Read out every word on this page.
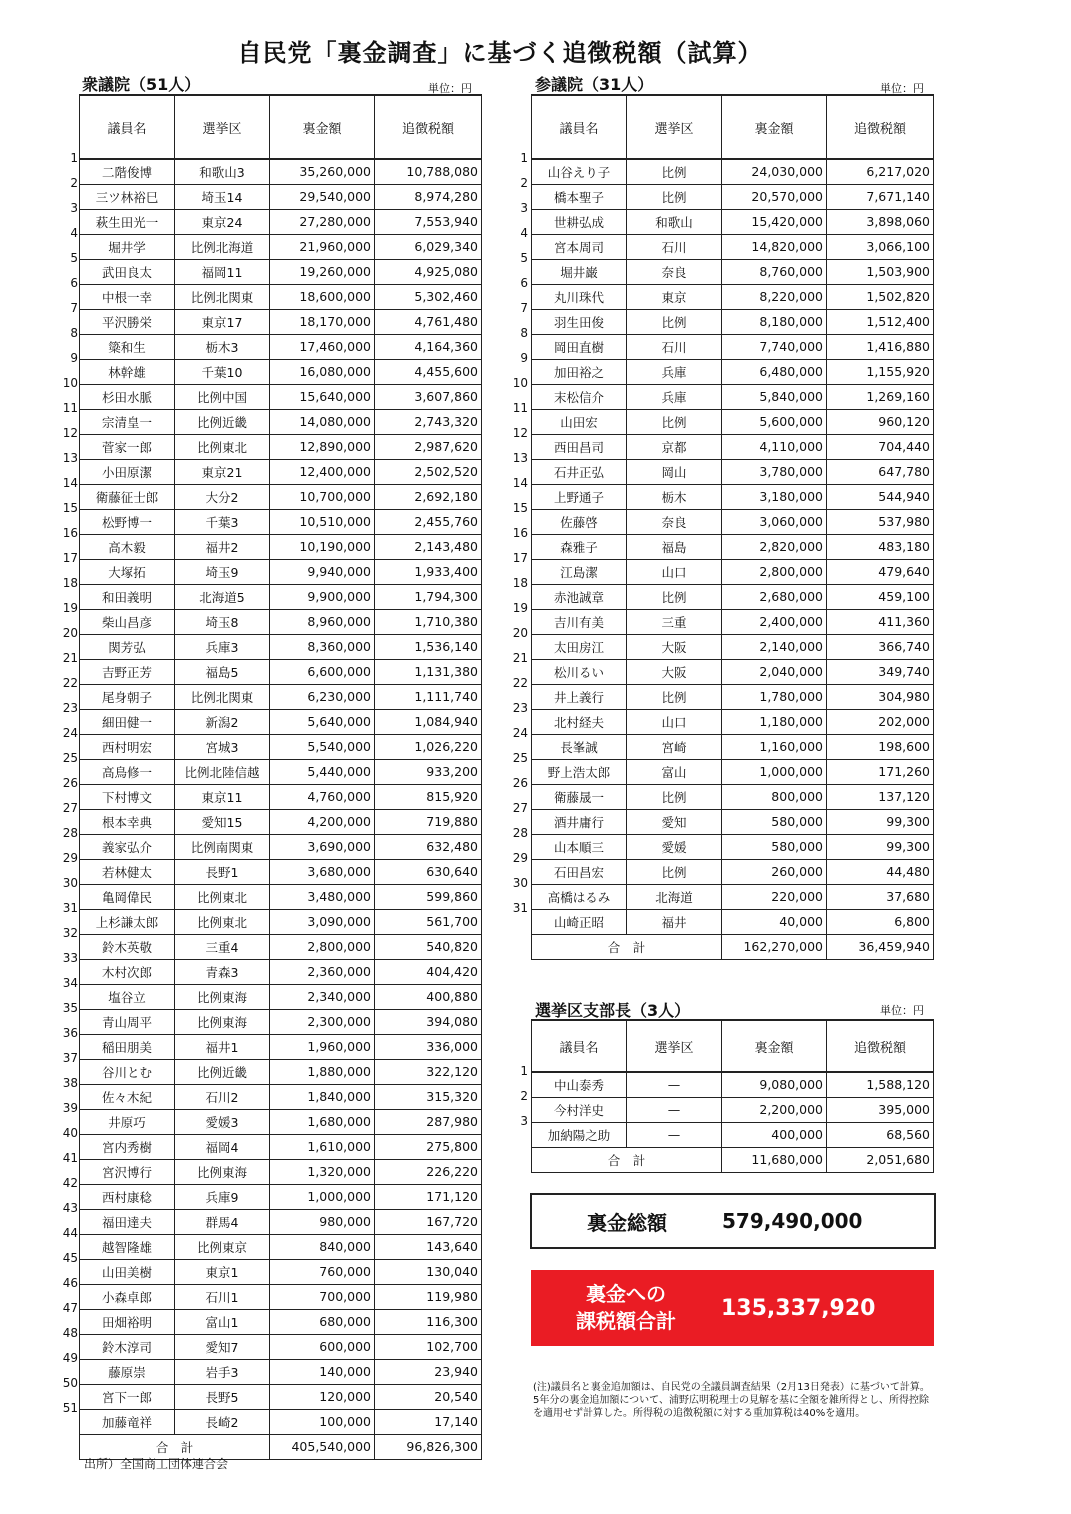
自民党「裏金調査」に基づく追徴税額（試算）
衆議院（51人）	単位：円
1
2
3
4
5
6
7
8
9
10
11
12
13
14
15
16
17
18
19
20
21
22
23
24
25
26
27
28
29
30
31
32
33
34
35
36
37
38
39
40
41
42
43
44
45
46
47
48
49
50
51
議員名	選挙区	裏金額	追徴税額
二階俊博	和歌山3	35,260,000	10,788,080
三ツ林裕巳	埼玉14	29,540,000	8,974,280
萩生田光一	東京24	27,280,000	7,553,940
堀井学	比例北海道	21,960,000	6,029,340
武田良太	福岡11	19,260,000	4,925,080
中根一幸	比例北関東	18,600,000	5,302,460
平沢勝栄	東京17	18,170,000	4,761,480
簗和生	栃木3	17,460,000	4,164,360
林幹雄	千葉10	16,080,000	4,455,600
杉田水脈	比例中国	15,640,000	3,607,860
宗清皇一	比例近畿	14,080,000	2,743,320
菅家一郎	比例東北	12,890,000	2,987,620
小田原潔	東京21	12,400,000	2,502,520
衛藤征士郎	大分2	10,700,000	2,692,180
松野博一	千葉3	10,510,000	2,455,760
高木毅	福井2	10,190,000	2,143,480
大塚拓	埼玉9	9,940,000	1,933,400
和田義明	北海道5	9,900,000	1,794,300
柴山昌彦	埼玉8	8,960,000	1,710,380
関芳弘	兵庫3	8,360,000	1,536,140
吉野正芳	福島5	6,600,000	1,131,380
尾身朝子	比例北関東	6,230,000	1,111,740
細田健一	新潟2	5,640,000	1,084,940
西村明宏	宮城3	5,540,000	1,026,220
高鳥修一	比例北陸信越	5,440,000	933,200
下村博文	東京11	4,760,000	815,920
根本幸典	愛知15	4,200,000	719,880
義家弘介	比例南関東	3,690,000	632,480
若林健太	長野1	3,680,000	630,640
亀岡偉民	比例東北	3,480,000	599,860
上杉謙太郎	比例東北	3,090,000	561,700
鈴木英敬	三重4	2,800,000	540,820
木村次郎	青森3	2,360,000	404,420
塩谷立	比例東海	2,340,000	400,880
青山周平	比例東海	2,300,000	394,080
稲田朋美	福井1	1,960,000	336,000
谷川とむ	比例近畿	1,880,000	322,120
佐々木紀	石川2	1,840,000	315,320
井原巧	愛媛3	1,680,000	287,980
宮内秀樹	福岡4	1,610,000	275,800
宮沢博行	比例東海	1,320,000	226,220
西村康稔	兵庫9	1,000,000	171,120
福田達夫	群馬4	980,000	167,720
越智隆雄	比例東京	840,000	143,640
山田美樹	東京1	760,000	130,040
小森卓郎	石川1	700,000	119,980
田畑裕明	富山1	680,000	116,300
鈴木淳司	愛知7	600,000	102,700
藤原崇	岩手3	140,000	23,940
宮下一郎	長野5	120,000	20,540
加藤竜祥	長崎2	100,000	17,140
合　計		405,540,000	96,826,300
参議院（31人）	単位：円
1
2
3
4
5
6
7
8
9
10
11
12
13
14
15
16
17
18
19
20
21
22
23
24
25
26
27
28
29
30
31
議員名	選挙区	裏金額	追徴税額
山谷えり子	比例	24,030,000	6,217,020
橋本聖子	比例	20,570,000	7,671,140
世耕弘成	和歌山	15,420,000	3,898,060
宮本周司	石川	14,820,000	3,066,100
堀井巌	奈良	8,760,000	1,503,900
丸川珠代	東京	8,220,000	1,502,820
羽生田俊	比例	8,180,000	1,512,400
岡田直樹	石川	7,740,000	1,416,880
加田裕之	兵庫	6,480,000	1,155,920
末松信介	兵庫	5,840,000	1,269,160
山田宏	比例	5,600,000	960,120
西田昌司	京都	4,110,000	704,440
石井正弘	岡山	3,780,000	647,780
上野通子	栃木	3,180,000	544,940
佐藤啓	奈良	3,060,000	537,980
森雅子	福島	2,820,000	483,180
江島潔	山口	2,800,000	479,640
赤池誠章	比例	2,680,000	459,100
吉川有美	三重	2,400,000	411,360
太田房江	大阪	2,140,000	366,740
松川るい	大阪	2,040,000	349,740
井上義行	比例	1,780,000	304,980
北村経夫	山口	1,180,000	202,000
長峯誠	宮崎	1,160,000	198,600
野上浩太郎	富山	1,000,000	171,260
衛藤晟一	比例	800,000	137,120
酒井庸行	愛知	580,000	99,300
山本順三	愛媛	580,000	99,300
石田昌宏	比例	260,000	44,480
高橋はるみ	北海道	220,000	37,680
山崎正昭	福井	40,000	6,800
合　計		162,270,000	36,459,940
選挙区支部長（3人）	単位：円
1
2
3
議員名	選挙区	裏金額	追徴税額
中山泰秀	—	9,080,000	1,588,120
今村洋史	—	2,200,000	395,000
加納陽之助	—	400,000	68,560
合　計		11,680,000	2,051,680
裏金総額	579,490,000
裏金への
課税額合計
135,337,920
(注)議員名と裏金追加額は、自民党の全議員調査結果（2月13日発表）に基づいて計算。5年分の裏金追加額について、浦野広明税理士の見解を基に全額を雑所得とし、所得控除を適用せず計算した。所得税の追徴税額に対する重加算税は40%を適用。
出所）全国商工団体連合会
